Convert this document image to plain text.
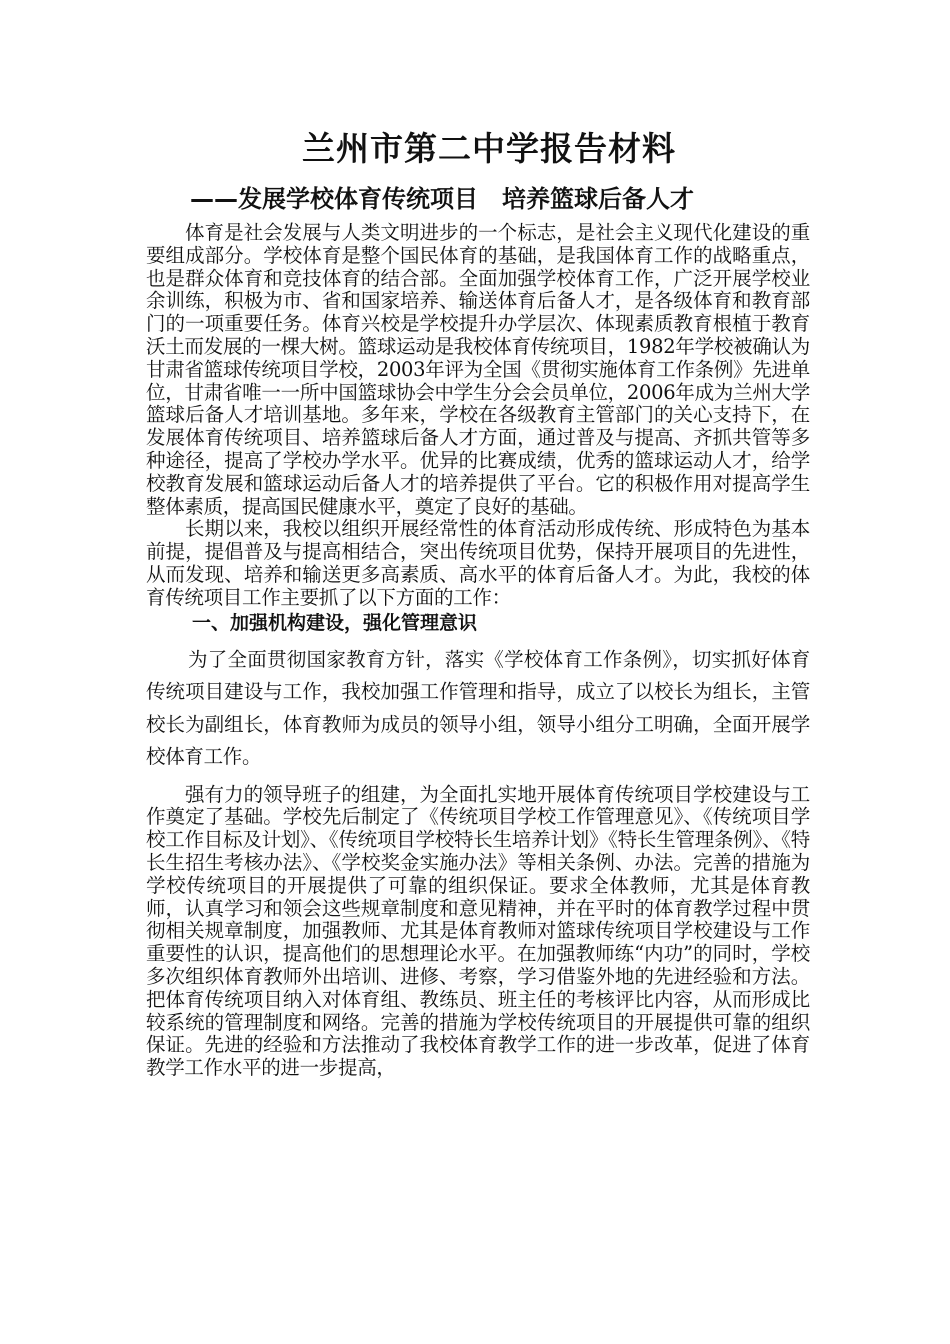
兰州市第二中学报告材料
——发展学校体育传统项目　培养篮球后备人才

体育是社会发展与人类文明进步的一个标志，是社会主义现代化建设的重要组成部分。学校体育是整个国民体育的基础，是我国体育工作的战略重点，也是群众体育和竞技体育的结合部。全面加强学校体育工作，广泛开展学校业余训练，积极为市、省和国家培养、输送体育后备人才，是各级体育和教育部门的一项重要任务。体育兴校是学校提升办学层次、体现素质教育根植于教育沃土而发展的一棵大树。篮球运动是我校体育传统项目，1982年学校被确认为甘肃省篮球传统项目学校，2003年评为全国《贯彻实施体育工作条例》先进单位，甘肃省唯一一所中国篮球协会中学生分会会员单位，2006年成为兰州大学篮球后备人才培训基地。多年来，学校在各级教育主管部门的关心支持下，在发展体育传统项目、培养篮球后备人才方面，通过普及与提高、齐抓共管等多种途径，提高了学校办学水平。优异的比赛成绩，优秀的篮球运动人才，给学校教育发展和篮球运动后备人才的培养提供了平台。它的积极作用对提高学生整体素质，提高国民健康水平，奠定了良好的基础。

长期以来，我校以组织开展经常性的体育活动形成传统、形成特色为基本前提，提倡普及与提高相结合，突出传统项目优势，保持开展项目的先进性，从而发现、培养和输送更多高素质、高水平的体育后备人才。为此，我校的体育传统项目工作主要抓了以下方面的工作：

一、加强机构建设，强化管理意识

为了全面贯彻国家教育方针，落实《学校体育工作条例》，切实抓好体育传统项目建设与工作，我校加强工作管理和指导，成立了以校长为组长，主管校长为副组长，体育教师为成员的领导小组，领导小组分工明确，全面开展学校体育工作。

强有力的领导班子的组建，为全面扎实地开展体育传统项目学校建设与工作奠定了基础。学校先后制定了《传统项目学校工作管理意见》、《传统项目学校工作目标及计划》、《传统项目学校特长生培养计划》《特长生管理条例》、《特长生招生考核办法》、《学校奖金实施办法》等相关条例、办法。完善的措施为学校传统项目的开展提供了可靠的组织保证。要求全体教师，尤其是体育教师，认真学习和领会这些规章制度和意见精神，并在平时的体育教学过程中贯彻相关规章制度，加强教师、尤其是体育教师对篮球传统项目学校建设与工作重要性的认识，提高他们的思想理论水平。在加强教师练“内功”的同时，学校多次组织体育教师外出培训、进修、考察，学习借鉴外地的先进经验和方法。把体育传统项目纳入对体育组、教练员、班主任的考核评比内容，从而形成比较系统的管理制度和网络。完善的措施为学校传统项目的开展提供可靠的组织保证。先进的经验和方法推动了我校体育教学工作的进一步改革，促进了体育教学工作水平的进一步提高，
